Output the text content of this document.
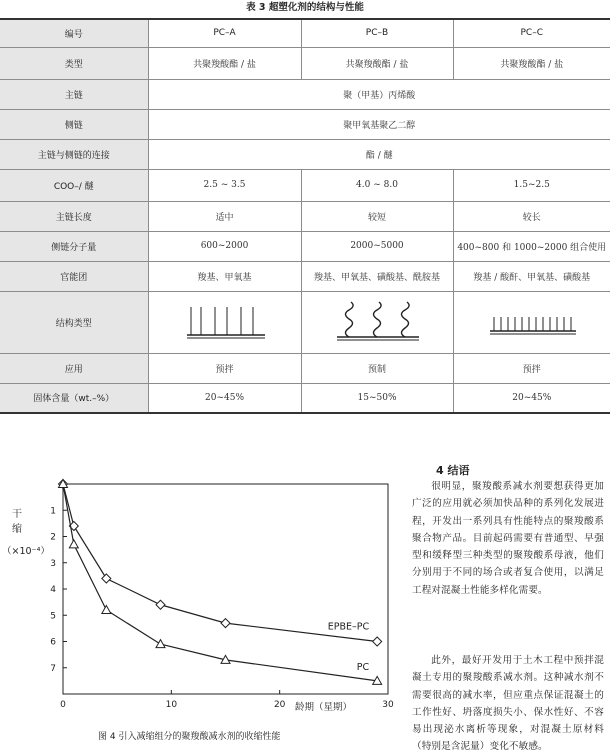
表 3 超塑化剂的结构与性能
编号	PC–A	PC–B	PC–C
类型	共聚羧酸酯 / 盐	共聚羧酸酯 / 盐	共聚羧酸酯 / 盐
主链	聚（甲基）丙烯酸		
侧链	聚甲氧基聚乙二醇		
主链与侧链的连接	酯 / 醚		
COO–/ 醚	2.5 ~ 3.5	4.0 ~ 8.0	1.5~2.5
主链长度	适中	较短	较长
侧链分子量	600~2000	2000~5000	400~800 和 1000~2000 组合使用
官能团	羧基、甲氧基	羧基、甲氧基、磺酸基、酰胺基	羧基 / 酸酐、甲氧基、磺酸基
结构类型			
应用	预拌	预制	预拌
固体含量（wt.–%）	20~45%	15~50%	20~45%
0	10	20	30
1
2
3
4
5
6
7
干
缩
（×10⁻⁴）
龄期（星期）
EPBE–PC
PC
图 4 引入减缩组分的聚羧酸减水剂的收缩性能
4 结语
很明显，聚羧酸系减水剂要想获得更加广泛的应用就必须加快品种的系列化发展进程，开发出一系列具有性能特点的聚羧酸系聚合物产品。目前起码需要有普通型、早强型和缓释型三种类型的聚羧酸系母液，他们分别用于不同的场合或者复合使用，以满足工程对混凝土性能多样化需要。
此外，最好开发用于土木工程中预拌混凝土专用的聚羧酸系减水剂。这种减水剂不需要很高的减水率，但应重点保证混凝土的工作性好、坍落度损失小、保水性好、不容易出现泌水离析等现象，对混凝土原材料（特别是含泥量）变化不敏感。
